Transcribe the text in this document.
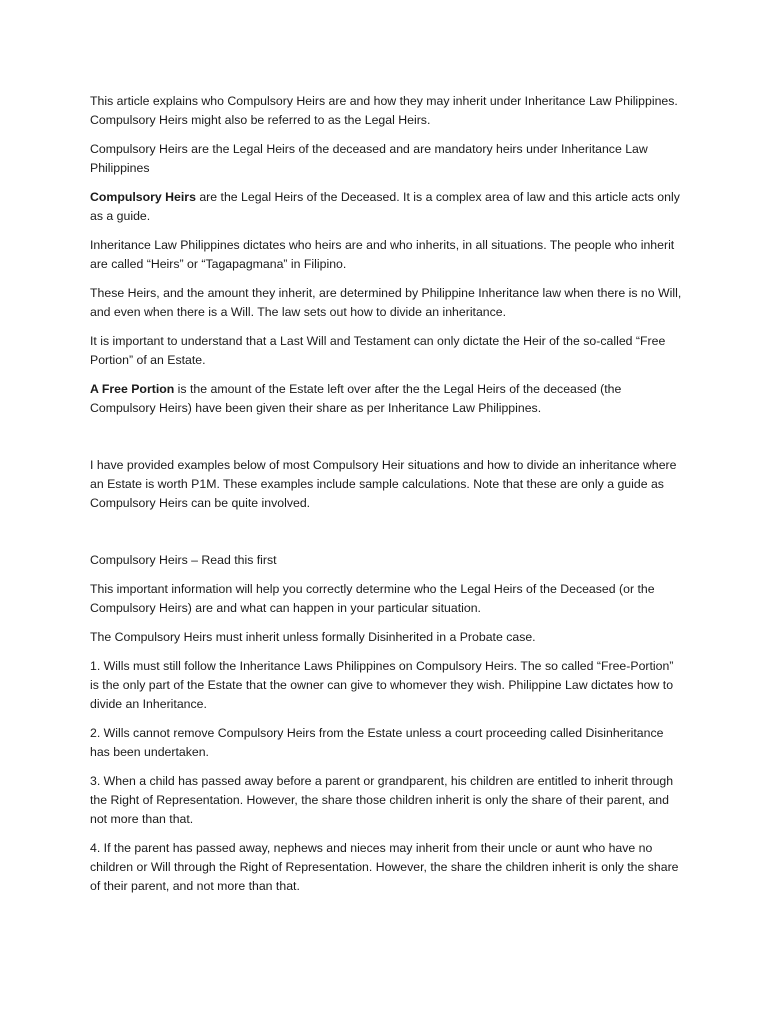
This article explains who Compulsory Heirs are and how they may inherit under Inheritance Law Philippines. Compulsory Heirs might also be referred to as the Legal Heirs.

Compulsory Heirs are the Legal Heirs of the deceased and are mandatory heirs under Inheritance Law Philippines

Compulsory Heirs are the Legal Heirs of the Deceased. It is a complex area of law and this article acts only as a guide.

Inheritance Law Philippines dictates who heirs are and who inherits, in all situations. The people who inherit are called “Heirs” or “Tagapagmana” in Filipino.

These Heirs, and the amount they inherit, are determined by Philippine Inheritance law when there is no Will, and even when there is a Will. The law sets out how to divide an inheritance.

It is important to understand that a Last Will and Testament can only dictate the Heir of the so-called “Free Portion” of an Estate.

A Free Portion is the amount of the Estate left over after the the Legal Heirs of the deceased (the Compulsory Heirs) have been given their share as per Inheritance Law Philippines.

I have provided examples below of most Compulsory Heir situations and how to divide an inheritance where an Estate is worth P1M. These examples include sample calculations. Note that these are only a guide as Compulsory Heirs can be quite involved.

Compulsory Heirs – Read this first

This important information will help you correctly determine who the Legal Heirs of the Deceased (or the Compulsory Heirs) are and what can happen in your particular situation.

The Compulsory Heirs must inherit unless formally Disinherited in a Probate case.

1. Wills must still follow the Inheritance Laws Philippines on Compulsory Heirs. The so called “Free-Portion” is the only part of the Estate that the owner can give to whomever they wish. Philippine Law dictates how to divide an Inheritance.

2. Wills cannot remove Compulsory Heirs from the Estate unless a court proceeding called Disinheritance has been undertaken.

3. When a child has passed away before a parent or grandparent, his children are entitled to inherit through the Right of Representation. However, the share those children inherit is only the share of their parent, and not more than that.

4. If the parent has passed away, nephews and nieces may inherit from their uncle or aunt who have no children or Will through the Right of Representation. However, the share the children inherit is only the share of their parent, and not more than that.
